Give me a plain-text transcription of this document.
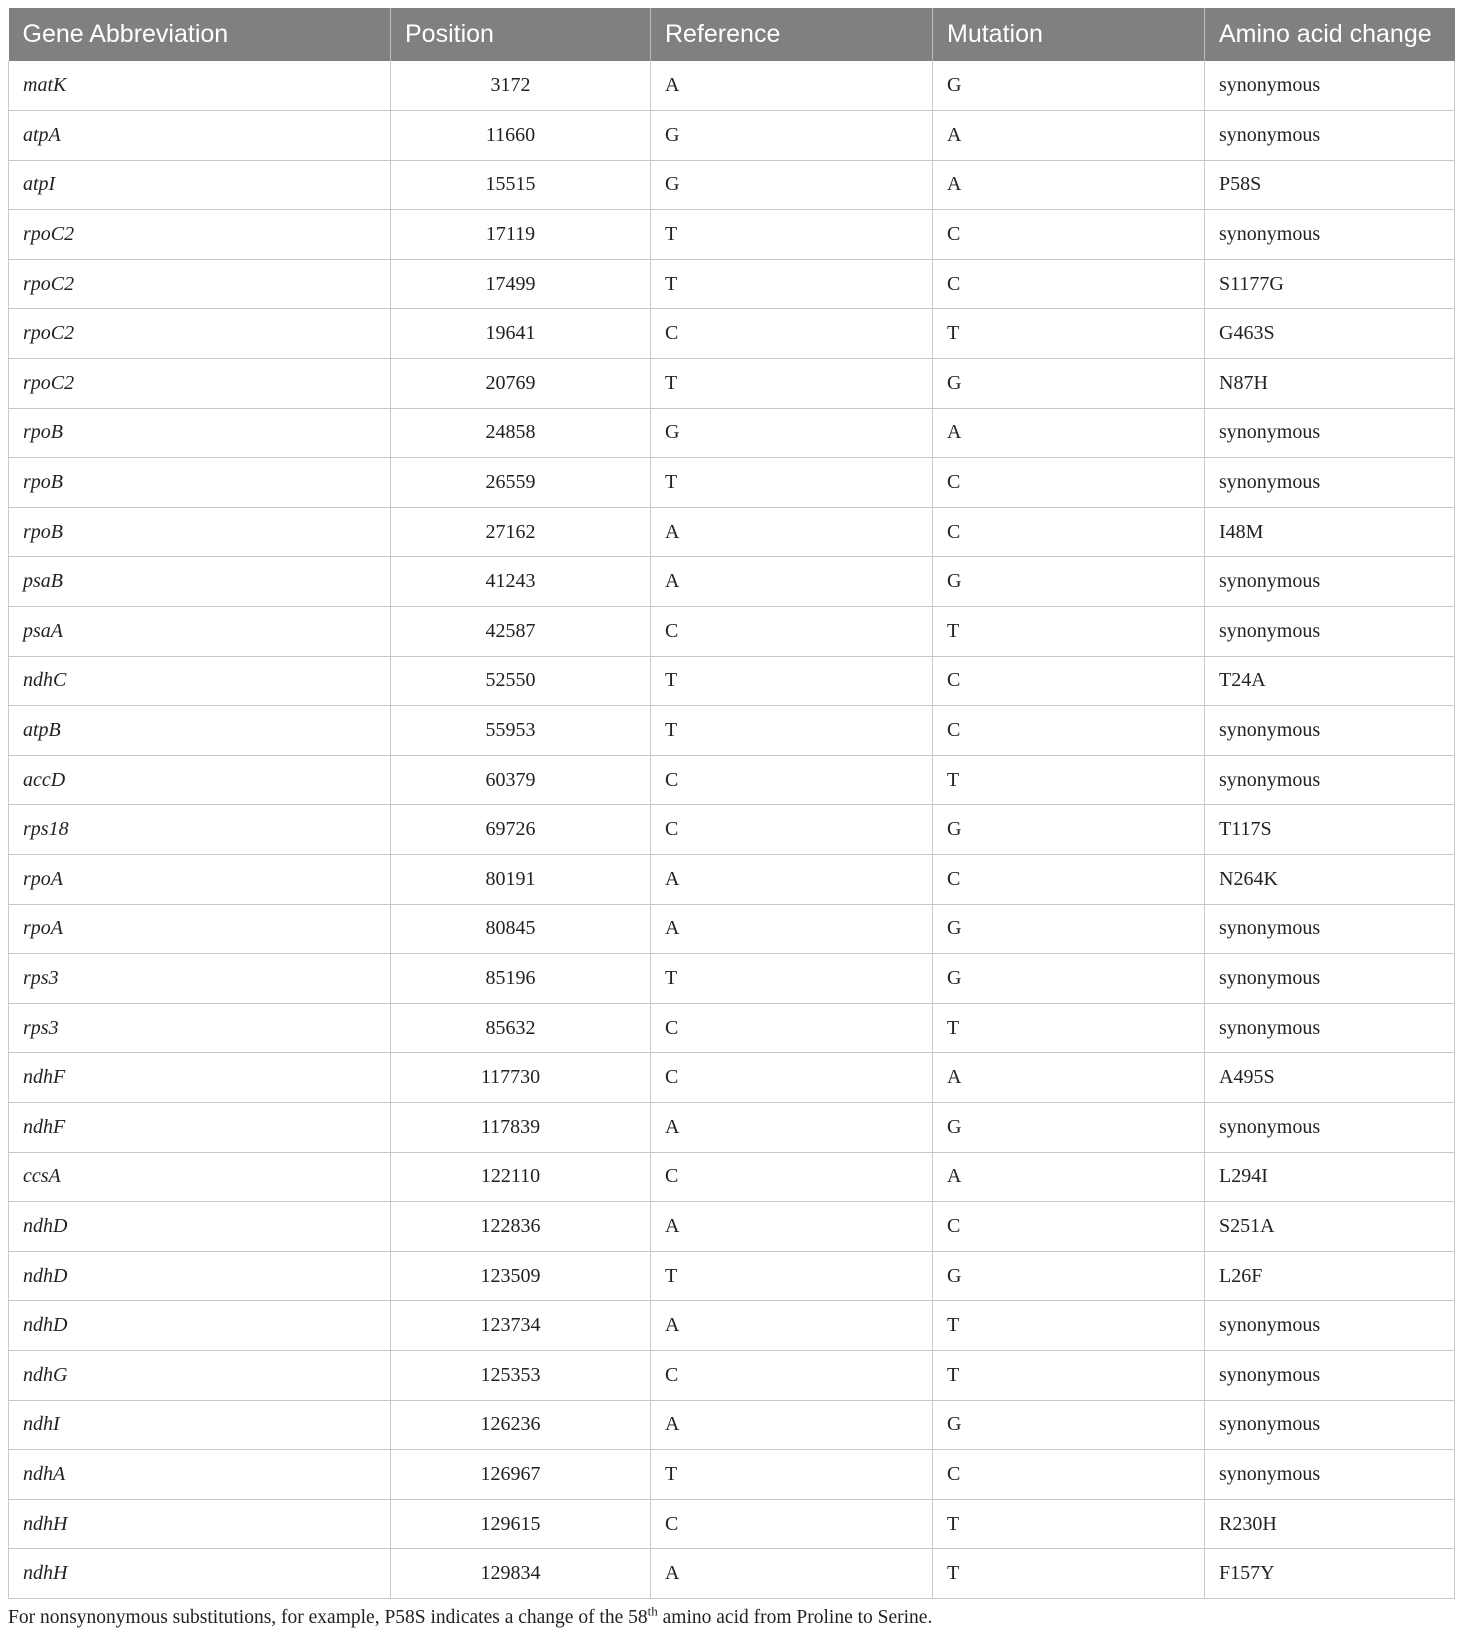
Gene Abbreviation	Position	Reference	Mutation	Amino acid change
matK	3172	A	G	synonymous
atpA	11660	G	A	synonymous
atpI	15515	G	A	P58S
rpoC2	17119	T	C	synonymous
rpoC2	17499	T	C	S1177G
rpoC2	19641	C	T	G463S
rpoC2	20769	T	G	N87H
rpoB	24858	G	A	synonymous
rpoB	26559	T	C	synonymous
rpoB	27162	A	C	I48M
psaB	41243	A	G	synonymous
psaA	42587	C	T	synonymous
ndhC	52550	T	C	T24A
atpB	55953	T	C	synonymous
accD	60379	C	T	synonymous
rps18	69726	C	G	T117S
rpoA	80191	A	C	N264K
rpoA	80845	A	G	synonymous
rps3	85196	T	G	synonymous
rps3	85632	C	T	synonymous
ndhF	117730	C	A	A495S
ndhF	117839	A	G	synonymous
ccsA	122110	C	A	L294I
ndhD	122836	A	C	S251A
ndhD	123509	T	G	L26F
ndhD	123734	A	T	synonymous
ndhG	125353	C	T	synonymous
ndhI	126236	A	G	synonymous
ndhA	126967	T	C	synonymous
ndhH	129615	C	T	R230H
ndhH	129834	A	T	F157Y
For nonsynonymous substitutions, for example, P58S indicates a change of the 58th amino acid from Proline to Serine.
